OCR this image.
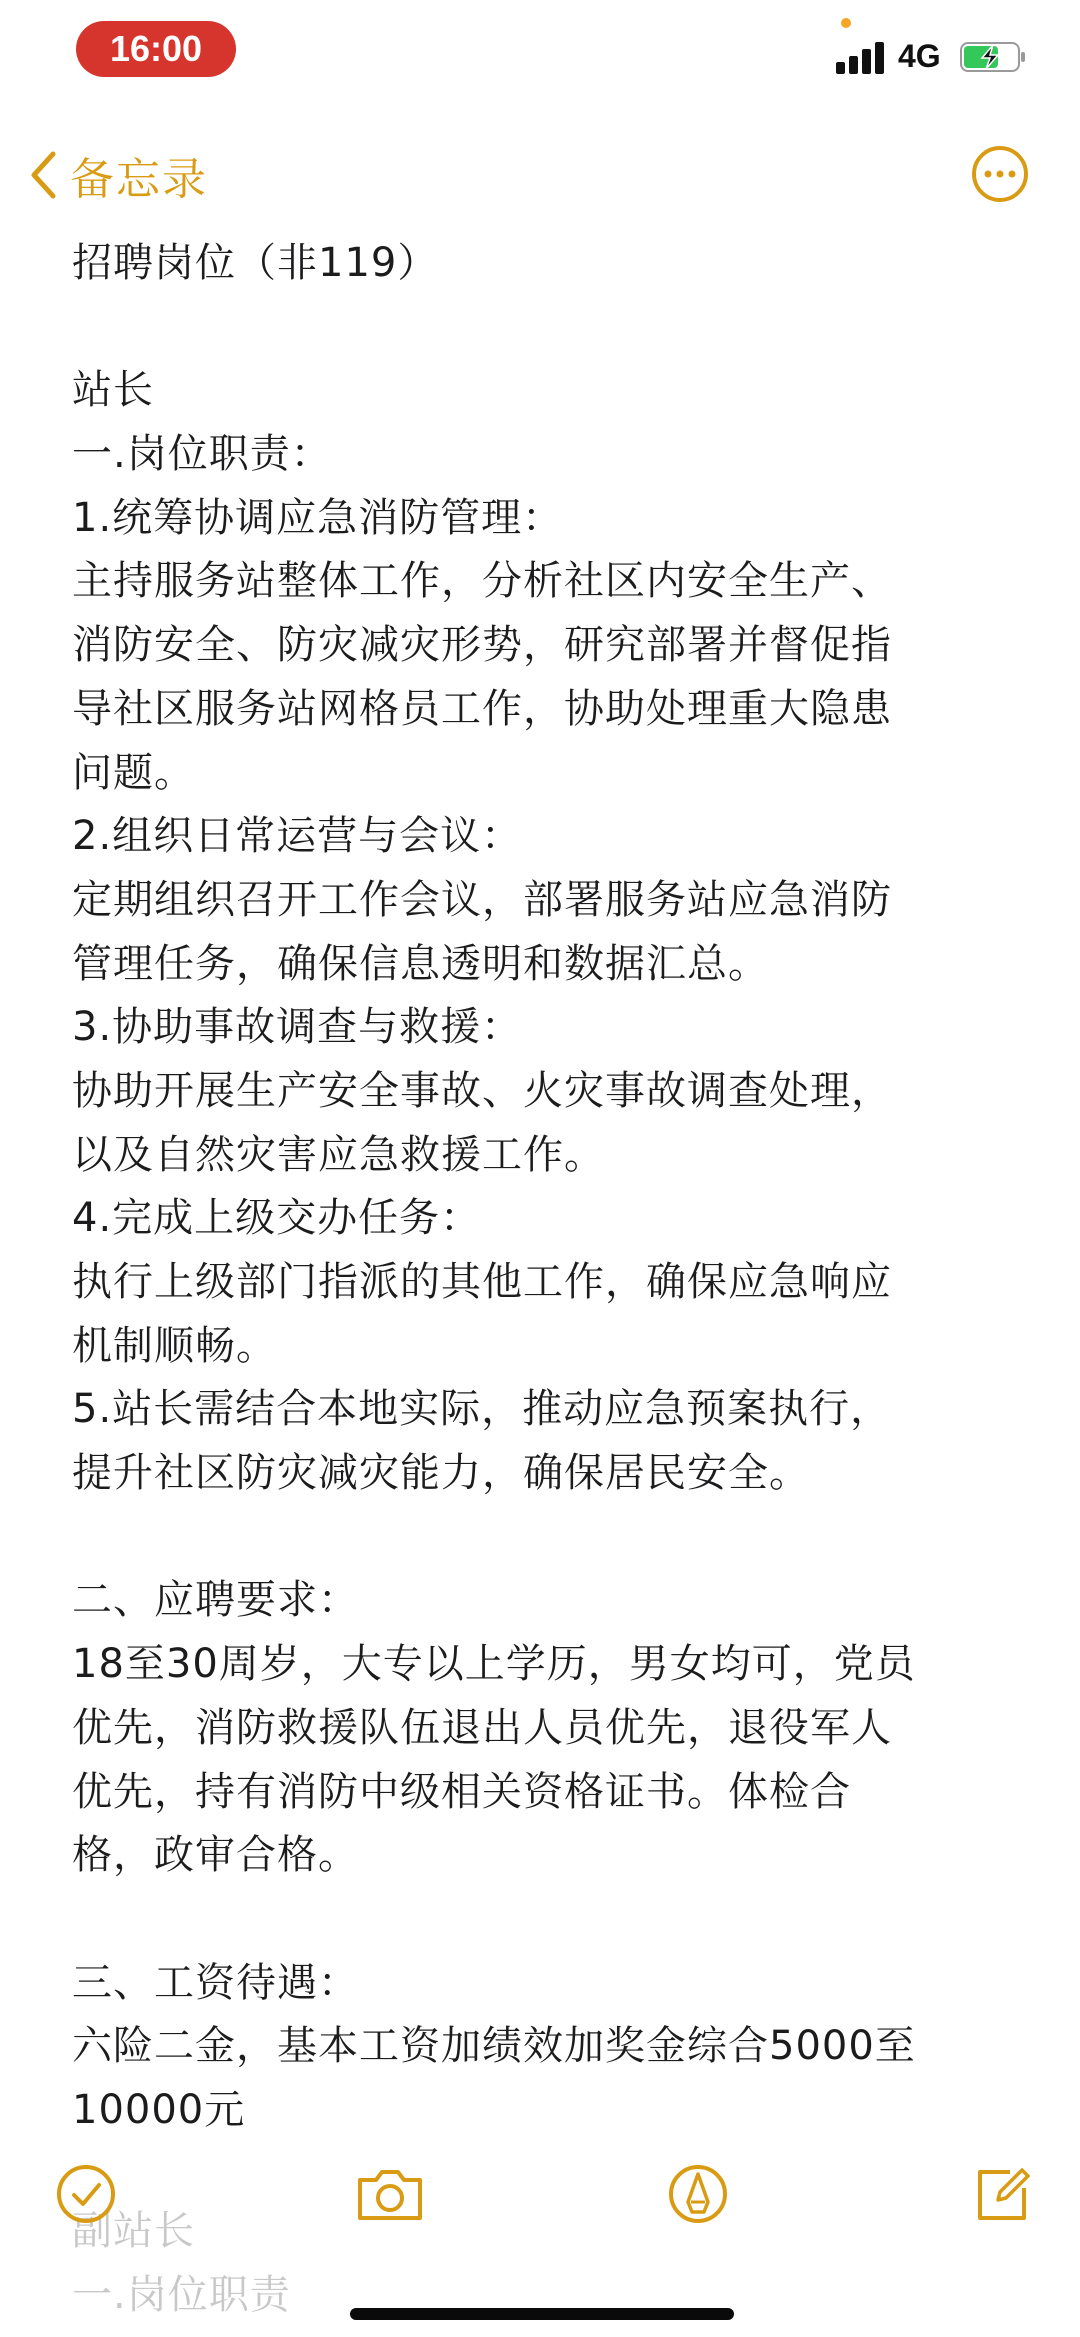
16:00	4G
备忘录
招聘岗位（非119）
站长
一.岗位职责：
1.统筹协调应急消防管理：
主持服务站整体工作，分析社区内安全生产、
消防安全、防灾减灾形势，研究部署并督促指
导社区服务站网格员工作，协助处理重大隐患
问题。
2.组织日常运营与会议：
定期组织召开工作会议，部署服务站应急消防
管理任务，确保信息透明和数据汇总。
3.协助事故调查与救援：
协助开展生产安全事故、火灾事故调查处理，
以及自然灾害应急救援工作。
4.完成上级交办任务：
执行上级部门指派的其他工作，确保应急响应
机制顺畅。
5.站长需结合本地实际，推动应急预案执行，
提升社区防灾减灾能力，确保居民安全。
二、应聘要求：
18至30周岁，大专以上学历，男女均可，党员
优先，消防救援队伍退出人员优先，退役军人
优先，持有消防中级相关资格证书。体检合
格，政审合格。
三、工资待遇：
六险二金，基本工资加绩效加奖金综合5000至
10000元
副站长
一.岗位职责
